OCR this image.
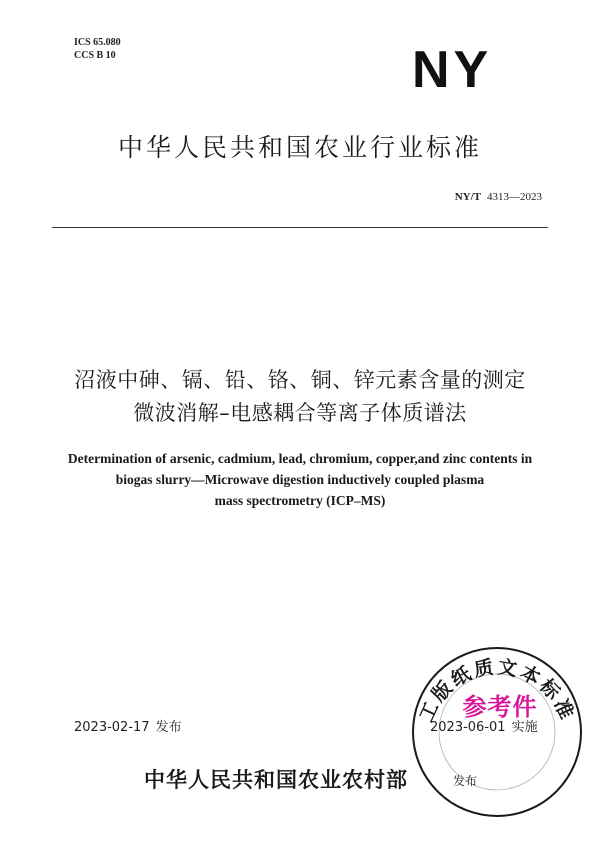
ICS 65.080
CCS B 10	NY
中华人民共和国农业行业标准
NY/T 4313—2023
沼液中砷、镉、铅、铬、铜、锌元素含量的测定
微波消解–电感耦合等离子体质谱法
Determination of arsenic, cadmium, lead, chromium, copper,and zinc contents in
biogas slurry—Microwave digestion inductively coupled plasma
mass spectrometry (ICP–MS)
2023-02-17 发布	2023-06-01 实施
中华人民共和国农业农村部	发布
工版纸质文本标准
参考件
